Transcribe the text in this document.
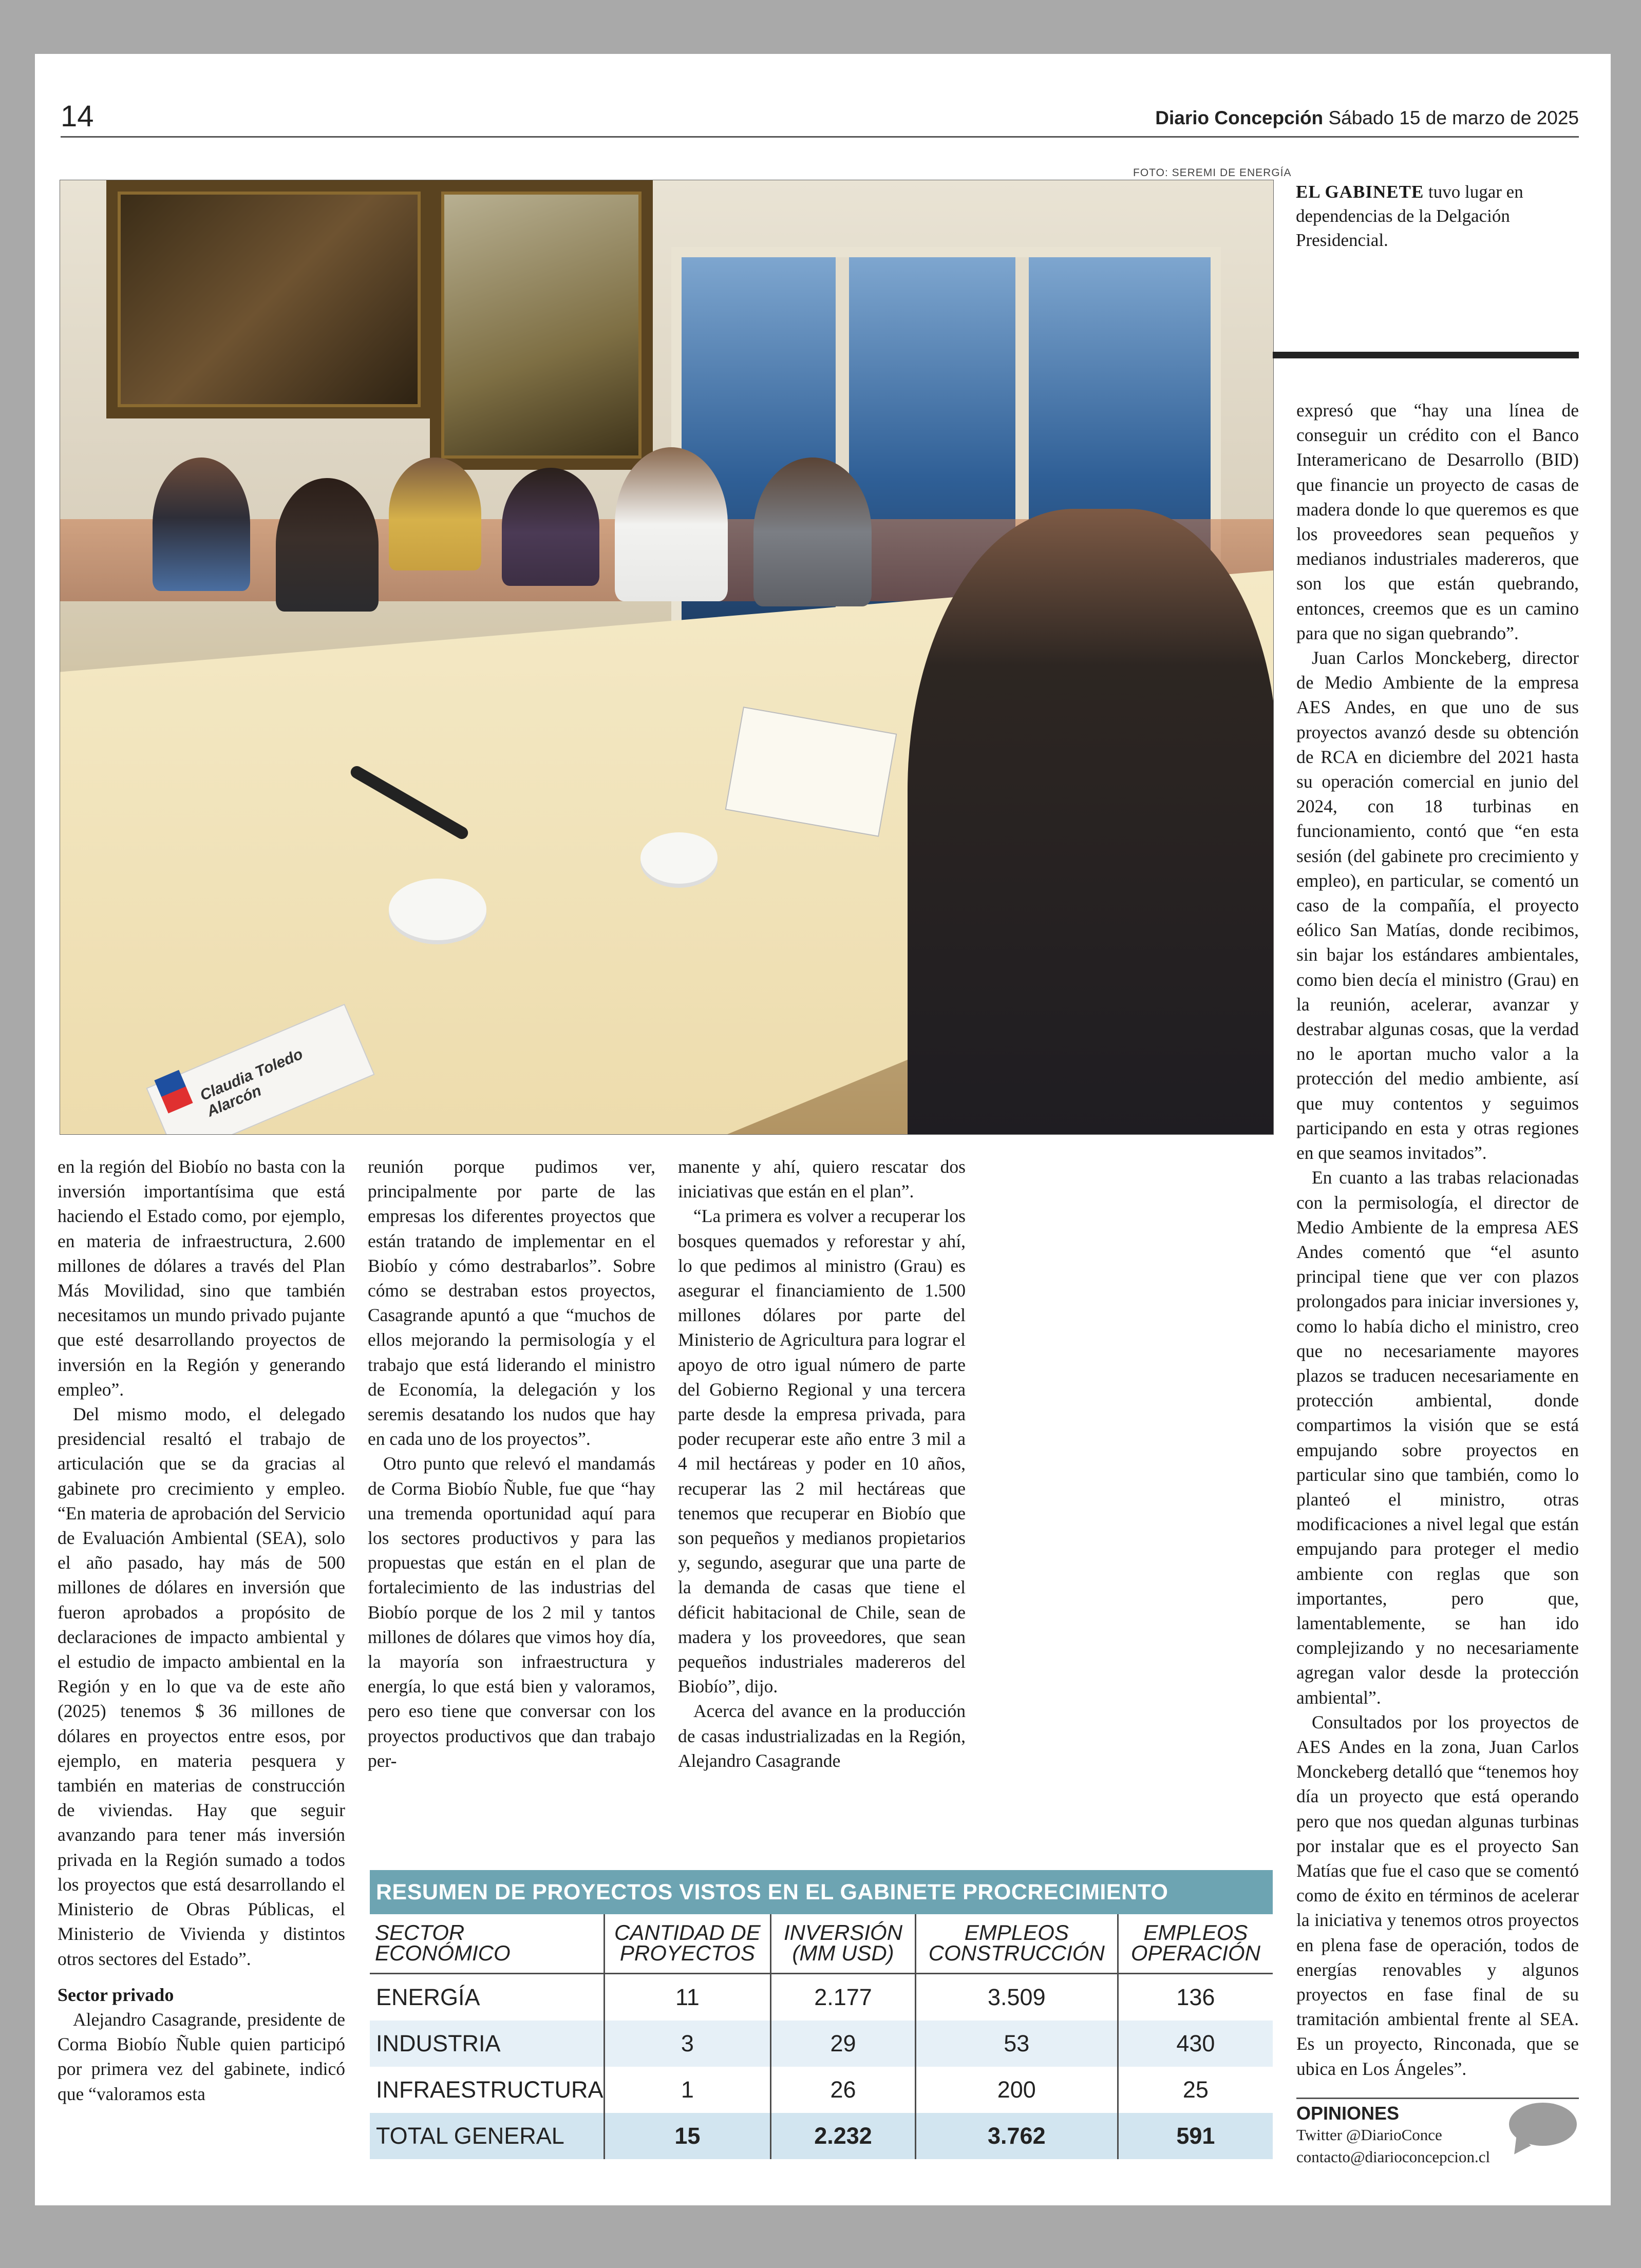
14	Diario Concepción Sábado 15 de marzo de 2025
FOTO: SEREMI DE ENERGÍA
Claudia Toledo Alarcón
EL GABINETE tuvo lugar en dependencias de la Delgación Presidencial.

en la región del Biobío no basta con la inversión importantísima que está haciendo el Estado como, por ejemplo, en materia de infraestructura, 2.600 millones de dólares a través del Plan Más Movilidad, sino que también necesitamos un mundo privado pujante que esté desarrollando proyectos de inversión en la Región y generando empleo”.

Del mismo modo, el delegado presidencial resaltó el trabajo de articulación que se da gracias al gabinete pro crecimiento y empleo. “En materia de aprobación del Servicio de Evaluación Ambiental (SEA), solo el año pasado, hay más de 500 millones de dólares en inversión que fueron aprobados a propósito de declaraciones de impacto ambiental y el estudio de impacto ambiental en la Región y en lo que va de este año (2025) tenemos $ 36 millones de dólares en proyectos entre esos, por ejemplo, en materia pesquera y también en materias de construcción de viviendas. Hay que seguir avanzando para tener más inversión privada en la Región sumado a todos los proyectos que está desarrollando el Ministerio de Obras Públicas, el Ministerio de Vivienda y distintos otros sectores del Estado”.

Sector privado

Alejandro Casagrande, presidente de Corma Biobío Ñuble quien participó por primera vez del gabinete, indicó que “valoramos esta

reunión porque pudimos ver, principalmente por parte de las empresas los diferentes proyectos que están tratando de implementar en el Biobío y cómo destrabarlos”. Sobre cómo se destraban estos proyectos, Casagrande apuntó a que “muchos de ellos mejorando la permisología y el trabajo que está liderando el ministro de Economía, la delegación y los seremis desatando los nudos que hay en cada uno de los proyectos”.

Otro punto que relevó el mandamás de Corma Biobío Ñuble, fue que “hay una tremenda oportunidad aquí para los sectores productivos y para las propuestas que están en el plan de fortalecimiento de las industrias del Biobío porque de los 2 mil y tantos millones de dólares que vimos hoy día, la mayoría son infraestructura y energía, lo que está bien y valoramos, pero eso tiene que conversar con los proyectos productivos que dan trabajo per-

manente y ahí, quiero rescatar dos iniciativas que están en el plan”.

“La primera es volver a recuperar los bosques quemados y reforestar y ahí, lo que pedimos al ministro (Grau) es asegurar el financiamiento de 1.500 millones dólares por parte del Ministerio de Agricultura para lograr el apoyo de otro igual número de parte del Gobierno Regional y una tercera parte desde la empresa privada, para poder recuperar este año entre 3 mil a 4 mil hectáreas y poder en 10 años, recuperar las 2 mil hectáreas que tenemos que recuperar en Biobío que son pequeños y medianos propietarios y, segundo, asegurar que una parte de la demanda de casas que tiene el déficit habitacional de Chile, sean de madera y los proveedores, que sean pequeños industriales madereros del Biobío”, dijo.

Acerca del avance en la producción de casas industrializadas en la Región, Alejandro Casagrande

expresó que “hay una línea de conseguir un crédito con el Banco Interamericano de Desarrollo (BID) que financie un proyecto de casas de madera donde lo que queremos es que los proveedores sean pequeños y medianos industriales madereros, que son los que están quebrando, entonces, creemos que es un camino para que no sigan quebrando”.

Juan Carlos Monckeberg, director de Medio Ambiente de la empresa AES Andes, en que uno de sus proyectos avanzó desde su obtención de RCA en diciembre del 2021 hasta su operación comercial en junio del 2024, con 18 turbinas en funcionamiento, contó que “en esta sesión (del gabinete pro crecimiento y empleo), en particular, se comentó un caso de la compañía, el proyecto eólico San Matías, donde recibimos, sin bajar los estándares ambientales, como bien decía el ministro (Grau) en la reunión, acelerar, avanzar y destrabar algunas cosas, que la verdad no le aportan mucho valor a la protección del medio ambiente, así que muy contentos y seguimos participando en esta y otras regiones en que seamos invitados”.

En cuanto a las trabas relacionadas con la permisología, el director de Medio Ambiente de la empresa AES Andes comentó que “el asunto principal tiene que ver con plazos prolongados para iniciar inversiones y, como lo había dicho el ministro, creo que no necesariamente mayores plazos se traducen necesariamente en protección ambiental, donde compartimos la visión que se está empujando sobre proyectos en particular sino que también, como lo planteó el ministro, otras modificaciones a nivel legal que están empujando para proteger el medio ambiente con reglas que son importantes, pero que, lamentablemente, se han ido complejizando y no necesariamente agregan valor desde la protección ambiental”.

Consultados por los proyectos de AES Andes en la zona, Juan Carlos Monckeberg detalló que “tenemos hoy día un proyecto que está operando pero que nos quedan algunas turbinas por instalar que es el proyecto San Matías que fue el caso que se comentó como de éxito en términos de acelerar la iniciativa y tenemos otros proyectos en plena fase de operación, todos de energías renovables y algunos proyectos en fase final de su tramitación ambiental frente al SEA. Es un proyecto, Rinconada, que se ubica en Los Ángeles”.

RESUMEN DE PROYECTOS VISTOS EN EL GABINETE PROCRECIMIENTO
SECTOR ECONÓMICO	CANTIDAD DE PROYECTOS	INVERSIÓN (MM USD)	EMPLEOS CONSTRUCCIÓN	EMPLEOS OPERACIÓN
ENERGÍA	11	2.177	3.509	136
INDUSTRIA	3	29	53	430
INFRAESTRUCTURA	1	26	200	25
TOTAL GENERAL	15	2.232	3.762	591
OPINIONES
Twitter @DiarioConce
contacto@diarioconcepcion.cl
